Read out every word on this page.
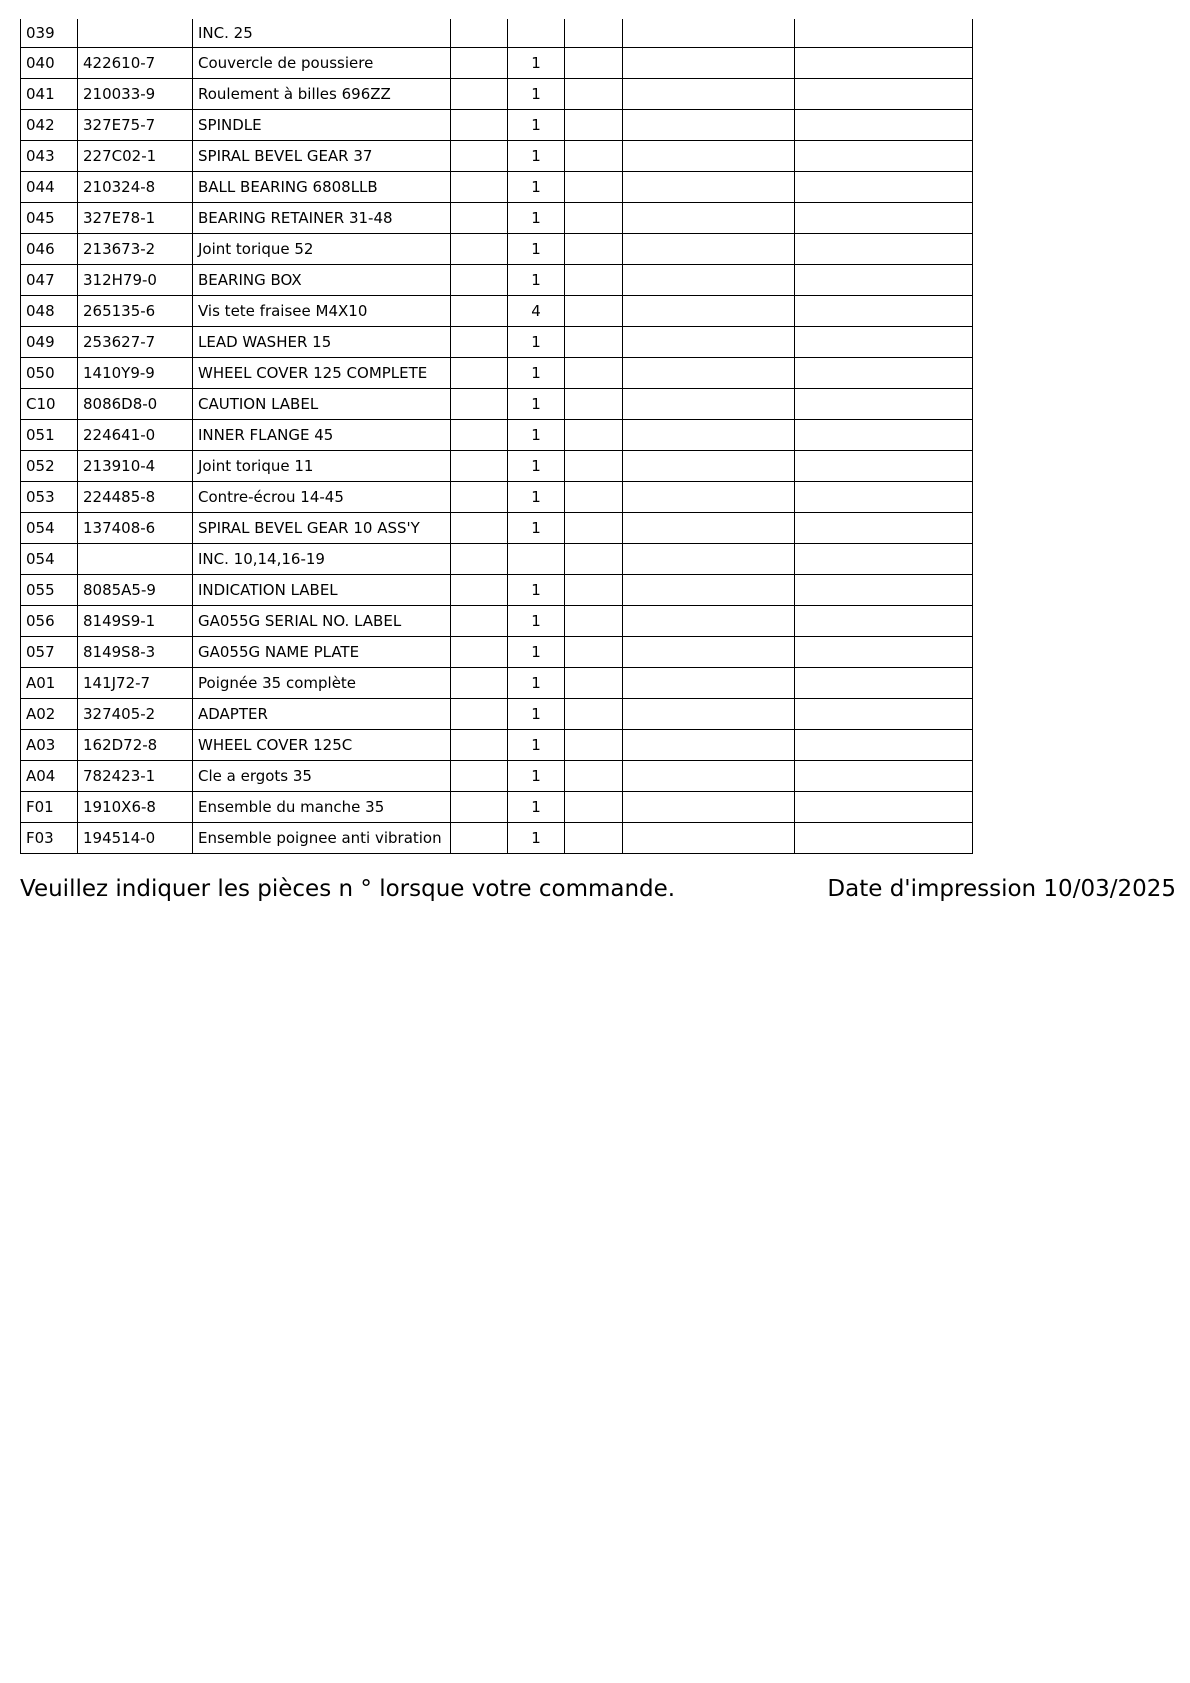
039		INC. 25					
040	422610-7	Couvercle de poussiere		1			
041	210033-9	Roulement à billes 696ZZ		1			
042	327E75-7	SPINDLE		1			
043	227C02-1	SPIRAL BEVEL GEAR 37		1			
044	210324-8	BALL BEARING 6808LLB		1			
045	327E78-1	BEARING RETAINER 31-48		1			
046	213673-2	Joint torique 52		1			
047	312H79-0	BEARING BOX		1			
048	265135-6	Vis tete fraisee M4X10		4			
049	253627-7	LEAD WASHER 15		1			
050	1410Y9-9	WHEEL COVER 125 COMPLETE		1			
C10	8086D8-0	CAUTION LABEL		1			
051	224641-0	INNER FLANGE 45		1			
052	213910-4	Joint torique 11		1			
053	224485-8	Contre-écrou 14-45		1			
054	137408-6	SPIRAL BEVEL GEAR 10 ASS'Y		1			
054		INC. 10,14,16-19					
055	8085A5-9	INDICATION LABEL		1			
056	8149S9-1	GA055G SERIAL NO. LABEL		1			
057	8149S8-3	GA055G NAME PLATE		1			
A01	141J72-7	Poignée 35 complète		1			
A02	327405-2	ADAPTER		1			
A03	162D72-8	WHEEL COVER 125C		1			
A04	782423-1	Cle a ergots 35		1			
F01	1910X6-8	Ensemble du manche 35		1			
F03	194514-0	Ensemble poignee anti vibration		1			
Veuillez indiquer les pièces n ° lorsque votre commande.	Date d'impression 10/03/2025
